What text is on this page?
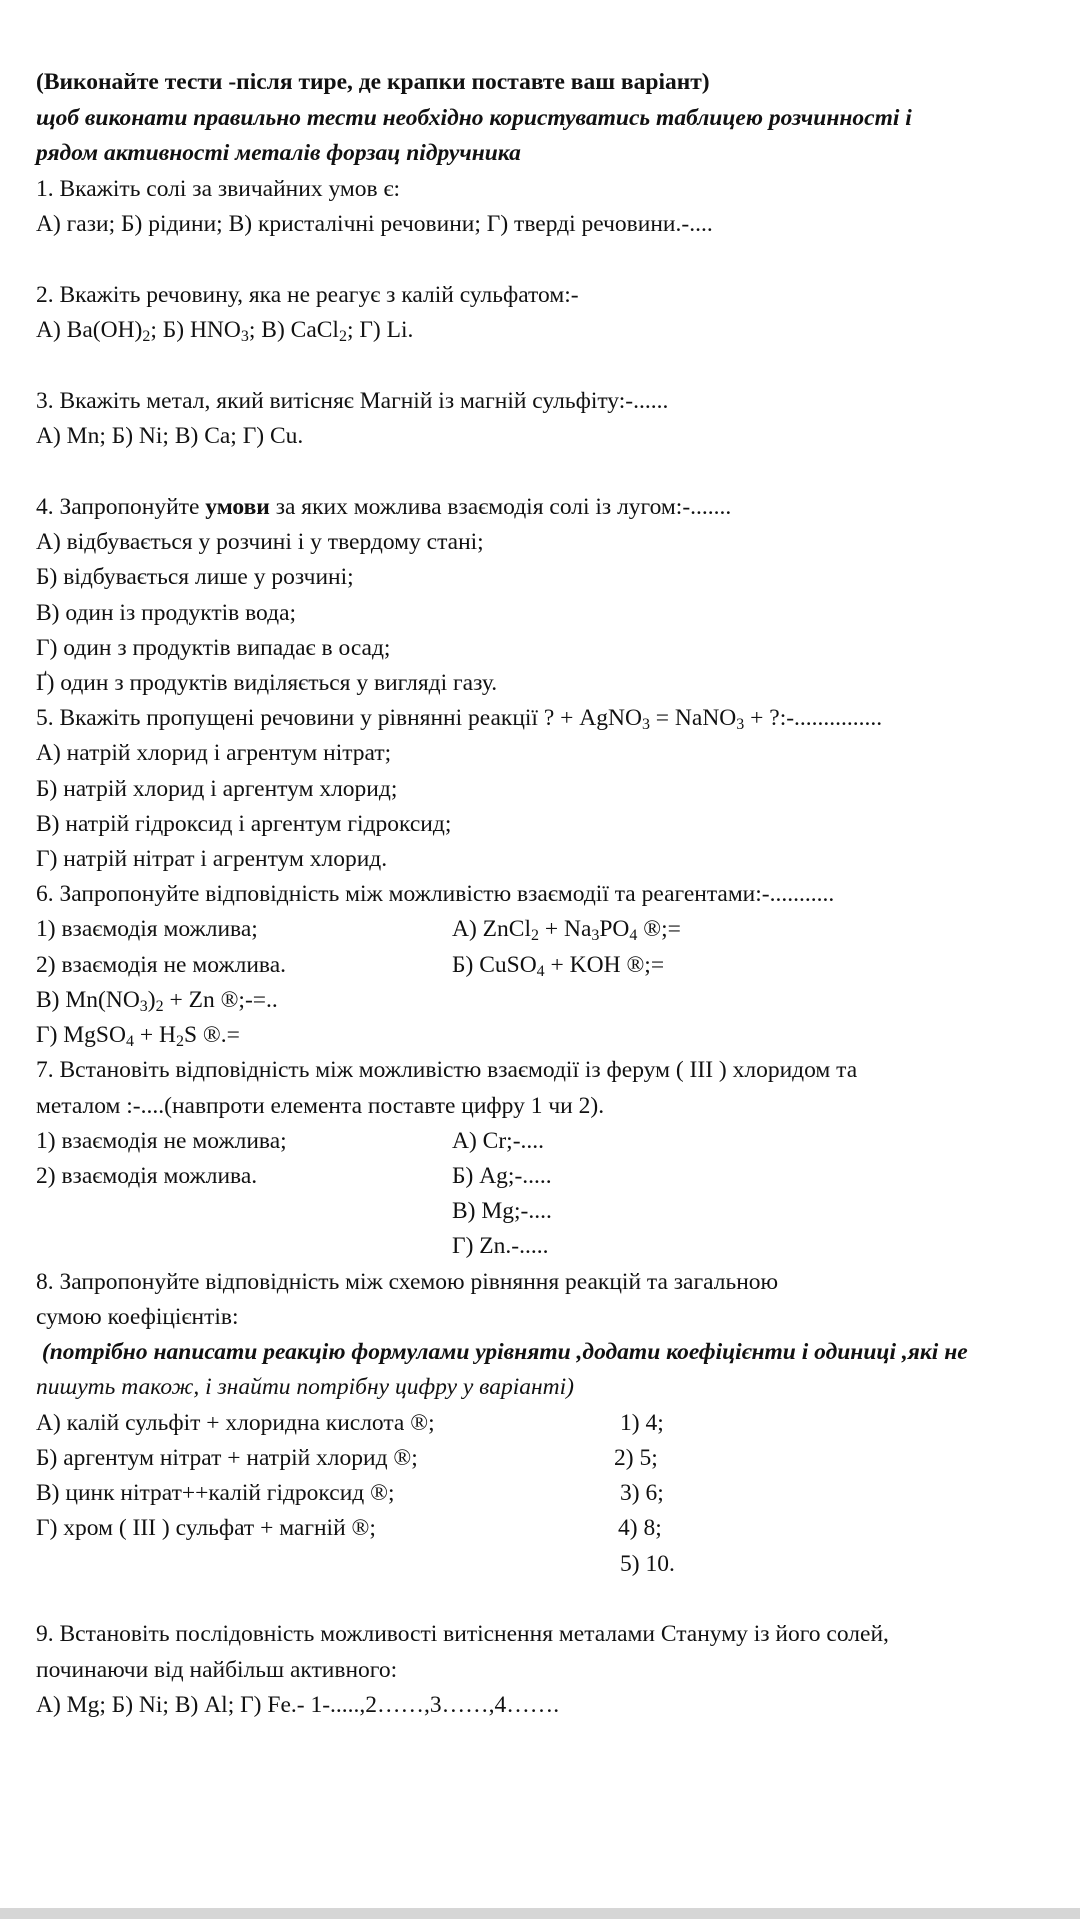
(Виконайте тести -після тире, де крапки поставте ваш варіант)
щоб виконати правильно тести необхідно користуватись таблицею розчинності і
рядом активності металів форзац підручника
1. Вкажіть солі за звичайних умов є:
А) гази; Б) рідини; В) кристалічні речовини; Г) тверді речовини.-....
2. Вкажіть речовину, яка не реагує з калій сульфатом:-
А) $Ba(OH)_2$; Б) $HNO_3$; В) CaCl$_2$; Г) Li.
3. Вкажіть метал, який витісняє Магній із магній сульфіту:-......
А) Mn; Б) Ni; В) Ca; Г) Cu.
4. Запропонуйте умови за яких можлива взаємодія солі із лугом:-.......
А) відбувається у розчині і у твердому стані;
Б) відбувається лише у розчині;
В) один із продуктів вода;
Г) один з продуктів випадає в осад;
Ґ) один з продуктів виділяється у вигляді газу.
5. Вкажіть пропущені речовини у рівнянні реакції ? + AgNO$_3$ = NaNO$_3$ + ?:-...............
А) натрій хлорид і агрентум нітрат;
Б) натрій хлорид і аргентум хлорид;
В) натрій гідроксид і аргентум гідроксид;
Г) натрій нітрат і агрентум хлорид.
6. Запропонуйте відповідність між можливістю взаємодії та реагентами:-...........
1) взаємодія можлива;	А) ZnCl$_2$ + $Na_3PO_4$ ®;=
2) взаємодія не можлива.	Б) CuSO$_4$ + KOH ®;=
В) $Mn(NO_3)_2 + Zn$ ®;-=..
Г) MgSO$_4$ + $H_2S$ ®.=
7. Встановіть відповідність між можливістю взаємодії із ферум ( ІІІ ) хлоридом та
металом :-....(навпроти елемента поставте цифру 1 чи 2).
1) взаємодія не можлива;	А) Cr;-....
2) взаємодія можлива.	Б) Ag;-.....
В) Mg;-....
Г) Zn.-.....
8. Запропонуйте відповідність між схемою рівняння реакцій та загальною
сумою коефіцієнтів:
(потрібно написати реакцію формулами урівняти ,додати коефіцієнти і одиниці ,які не
пишуть також, і знайти потрібну цифру у варіанті)
А) калій сульфіт + хлоридна кислота ®;	1) 4;
Б) аргентум нітрат + натрій хлорид ®;	2) 5;
В) цинк нітрат++калій гідроксид ®;	3) 6;
Г) хром ( ІІІ ) сульфат + магній ®;	4) 8;
5) 10.
9. Встановіть послідовність можливості витіснення металами Стануму із його солей,
починаючи від найбільш активного:
А) Mg; Б) Ni; В) Al; Г) Fe.- 1-.....,2……,3……,4…….
